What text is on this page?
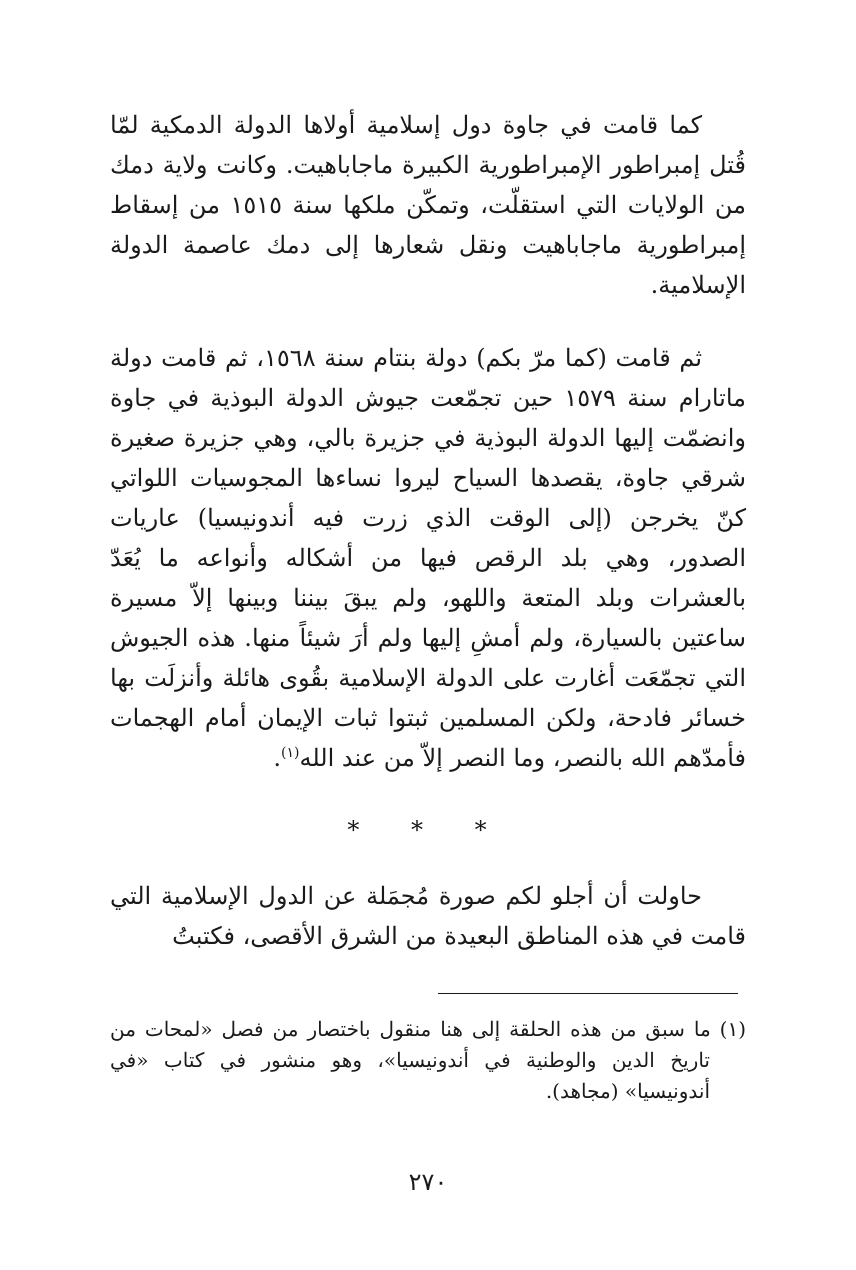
كما قامت في جاوة دول إسلامية أولاها الدولة الدمكية لمّا قُتل إمبراطور الإمبراطورية الكبيرة ماجاباهيت. وكانت ولاية دمك من الولايات التي استقلّت، وتمكّن ملكها سنة ١٥١٥ من إسقاط إمبراطورية ماجاباهيت ونقل شعارها إلى دمك عاصمة الدولة الإسلامية.

ثم قامت (كما مرّ بكم) دولة بنتام سنة ١٥٦٨، ثم قامت دولة ماتارام سنة ١٥٧٩ حين تجمّعت جيوش الدولة البوذية في جاوة وانضمّت إليها الدولة البوذية في جزيرة بالي، وهي جزيرة صغيرة شرقي جاوة، يقصدها السياح ليروا نساءها المجوسيات اللواتي كنّ يخرجن (إلى الوقت الذي زرت فيه أندونيسيا) عاريات الصدور، وهي بلد الرقص فيها من أشكاله وأنواعه ما يُعَدّ بالعشرات وبلد المتعة واللهو، ولم يبقَ بيننا وبينها إلاّ مسيرة ساعتين بالسيارة، ولم أمشِ إليها ولم أرَ شيئاً منها. هذه الجيوش التي تجمّعَت أغارت على الدولة الإسلامية بقُوى هائلة وأنزلَت بها خسائر فادحة، ولكن المسلمين ثبتوا ثبات الإيمان أمام الهجمات فأمدّهم الله بالنصر، وما النصر إلاّ من عند الله$^{(١)}$.

* * *

حاولت أن أجلو لكم صورة مُجمَلة عن الدول الإسلامية التي قامت في هذه المناطق البعيدة من الشرق الأقصى، فكتبتُ

(١) ما سبق من هذه الحلقة إلى هنا منقول باختصار من فصل «لمحات من تاريخ الدين والوطنية في أندونيسيا»، وهو منشور في كتاب «في أندونيسيا» (مجاهد).
٢٧٠
